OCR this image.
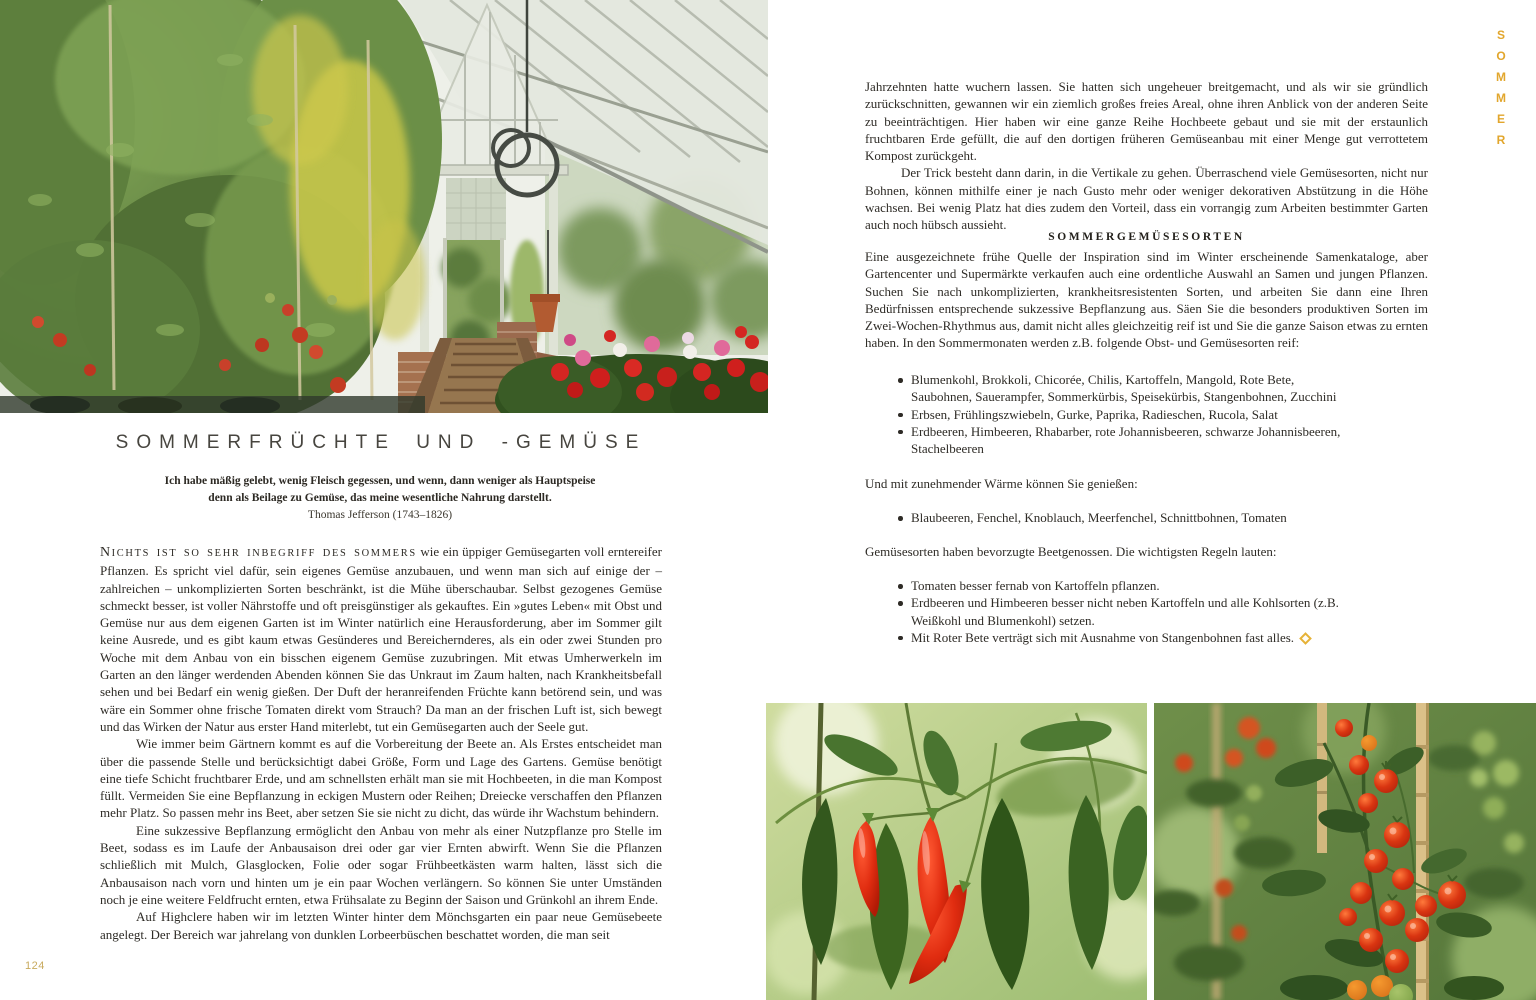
SOMMERFRÜCHTE UND -GEMÜSE
Ich habe mäßig gelebt, wenig Fleisch gegessen, und wenn, dann weniger als Hauptspeise
denn als Beilage zu Gemüse, das meine wesentliche Nahrung darstellt.
Thomas Jefferson (1743–1826)

NICHTS IST SO SEHR INBEGRIFF DES SOMMERS wie ein üppiger Gemüsegarten voll erntereifer Pflanzen. Es spricht viel dafür, sein eigenes Gemüse anzubauen, und wenn man sich auf einige der – zahlreichen – unkomplizierten Sorten beschränkt, ist die Mühe überschaubar. Selbst gezogenes Gemüse schmeckt besser, ist voller Nährstoffe und oft preisgünstiger als gekauftes. Ein »gutes Leben« mit Obst und Gemüse nur aus dem eigenen Garten ist im Winter natürlich eine Herausforderung, aber im Sommer gilt keine Ausrede, und es gibt kaum etwas Gesünderes und Bereichernderes, als ein oder zwei Stunden pro Woche mit dem Anbau von ein bisschen eigenem Gemüse zuzubringen. Mit etwas Umherwerkeln im Garten an den länger werdenden Abenden können Sie das Unkraut im Zaum halten, nach Krankheitsbefall sehen und bei Bedarf ein wenig gießen. Der Duft der heranreifenden Früchte kann betörend sein, und was wäre ein Sommer ohne frische Tomaten direkt vom Strauch? Da man an der frischen Luft ist, sich bewegt und das Wirken der Natur aus erster Hand miterlebt, tut ein Gemüsegarten auch der Seele gut.

Wie immer beim Gärtnern kommt es auf die Vorbereitung der Beete an. Als Erstes entscheidet man über die passende Stelle und berücksichtigt dabei Größe, Form und Lage des Gartens. Gemüse benötigt eine tiefe Schicht fruchtbarer Erde, und am schnellsten erhält man sie mit Hochbeeten, in die man Kompost füllt. Vermeiden Sie eine Bepflanzung in eckigen Mustern oder Reihen; Dreiecke verschaffen den Pflanzen mehr Platz. So passen mehr ins Beet, aber setzen Sie sie nicht zu dicht, das würde ihr Wachstum behindern.

Eine sukzessive Bepflanzung ermöglicht den Anbau von mehr als einer Nutzpflanze pro Stelle im Beet, sodass es im Laufe der Anbausaison drei oder gar vier Ernten abwirft. Wenn Sie die Pflanzen schließlich mit Mulch, Glasglocken, Folie oder sogar Frühbeetkästen warm halten, lässt sich die Anbausaison nach vorn und hinten um je ein paar Wochen verlängern. So können Sie unter Umständen noch je eine weitere Feldfrucht ernten, etwa Frühsalate zu Beginn der Saison und Grünkohl an ihrem Ende.

Auf Highclere haben wir im letzten Winter hinter dem Mönchsgarten ein paar neue Gemüsebeete angelegt. Der Bereich war jahrelang von dunklen Lorbeerbüschen beschattet worden, die man seit

124
SOMMER

Jahrzehnten hatte wuchern lassen. Sie hatten sich ungeheuer breitgemacht, und als wir sie gründlich zurückschnitten, gewannen wir ein ziemlich großes freies Areal, ohne ihren Anblick von der anderen Seite zu beeinträchtigen. Hier haben wir eine ganze Reihe Hochbeete gebaut und sie mit der erstaunlich fruchtbaren Erde gefüllt, die auf den dortigen früheren Gemüseanbau mit einer Menge gut verrottetem Kompost zurückgeht.

Der Trick besteht dann darin, in die Vertikale zu gehen. Überraschend viele Gemüsesorten, nicht nur Bohnen, können mithilfe einer je nach Gusto mehr oder weniger dekorativen Abstützung in die Höhe wachsen. Bei wenig Platz hat dies zudem den Vorteil, dass ein vorrangig zum Arbeiten bestimmter Garten auch noch hübsch aussieht.

SOMMERGEMÜSESORTEN

Eine ausgezeichnete frühe Quelle der Inspiration sind im Winter erscheinende Samenkataloge, aber Gartencenter und Supermärkte verkaufen auch eine ordentliche Auswahl an Samen und jungen Pflanzen. Suchen Sie nach unkomplizierten, krankheitsresistenten Sorten, und arbeiten Sie dann eine Ihren Bedürfnissen entsprechende sukzessive Bepflanzung aus. Säen Sie die besonders produktiven Sorten im Zwei-Wochen-Rhythmus aus, damit nicht alles gleichzeitig reif ist und Sie die ganze Saison etwas zu ernten haben. In den Sommermonaten werden z.B. folgende Obst- und Gemüsesorten reif:

Blumenkohl, Brokkoli, Chicorée, Chilis, Kartoffeln, Mangold, Rote Bete, Saubohnen, Sauerampfer, Sommerkürbis, Speisekürbis, Stangenbohnen, Zucchini
Erbsen, Frühlingszwiebeln, Gurke, Paprika, Radieschen, Rucola, Salat
Erdbeeren, Himbeeren, Rhabarber, rote Johannisbeeren, schwarze Johannisbeeren, Stachelbeeren
Und mit zunehmender Wärme können Sie genießen:
Blaubeeren, Fenchel, Knoblauch, Meerfenchel, Schnittbohnen, Tomaten
Gemüsesorten haben bevorzugte Beetgenossen. Die wichtigsten Regeln lauten:
Tomaten besser fernab von Kartoffeln pflanzen.
Erdbeeren und Himbeeren besser nicht neben Kartoffeln und alle Kohlsorten (z.B. Weißkohl und Blumenkohl) setzen.
Mit Roter Bete verträgt sich mit Ausnahme von Stangenbohnen fast alles.
